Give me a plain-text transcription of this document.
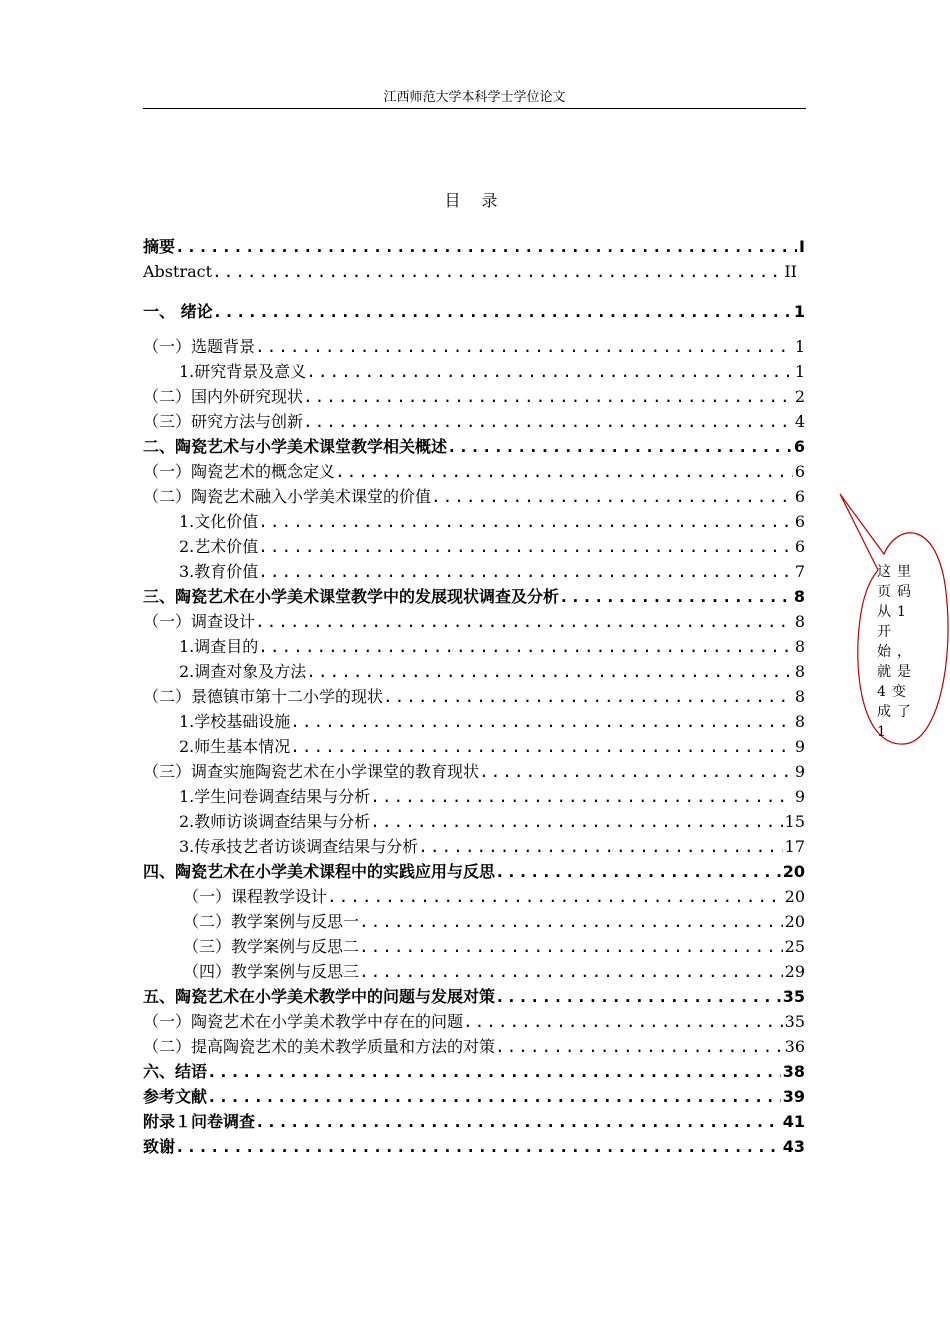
江西师范大学本科学士学位论文
目 录
摘要 .....	I
Abstract .....	II
一、 绪论 .....	1
（一）选题背景 .....	1
1.研究背景及意义 .....	1
（二）国内外研究现状 .....	2
（三）研究方法与创新 .....	4
二、陶瓷艺术与小学美术课堂教学相关概述 .....	6
（一）陶瓷艺术的概念定义 .....	6
（二）陶瓷艺术融入小学美术课堂的价值 .....	6
1.文化价值 .....	6
2.艺术价值 .....	6
3.教育价值 .....	7
三、陶瓷艺术在小学美术课堂教学中的发展现状调查及分析 .....	8
（一）调查设计 .....	8
1.调查目的 .....	8
2.调查对象及方法 .....	8
（二）景德镇市第十二小学的现状 .....	8
1.学校基础设施 .....	8
2.师生基本情况 .....	9
（三）调查实施陶瓷艺术在小学课堂的教育现状 .....	9
1.学生问卷调查结果与分析 .....	9
2.教师访谈调查结果与分析 .....	15
3.传承技艺者访谈调查结果与分析 .....	17
四、陶瓷艺术在小学美术课程中的实践应用与反思 .....	20
（一）课程教学设计 .....	20
（二）教学案例与反思一 .....	20
（三）教学案例与反思二 .....	25
（四）教学案例与反思三 .....	29
五、陶瓷艺术在小学美术教学中的问题与发展对策 .....	35
（一）陶瓷艺术在小学美术教学中存在的问题 .....	35
（二）提高陶瓷艺术的美术教学质量和方法的对策 .....	36
六、结语 .....	38
参考文献 .....	39
附录１问卷调查 .....	41
致谢 .....	43
这里页码从1开始，就是4变成了1
